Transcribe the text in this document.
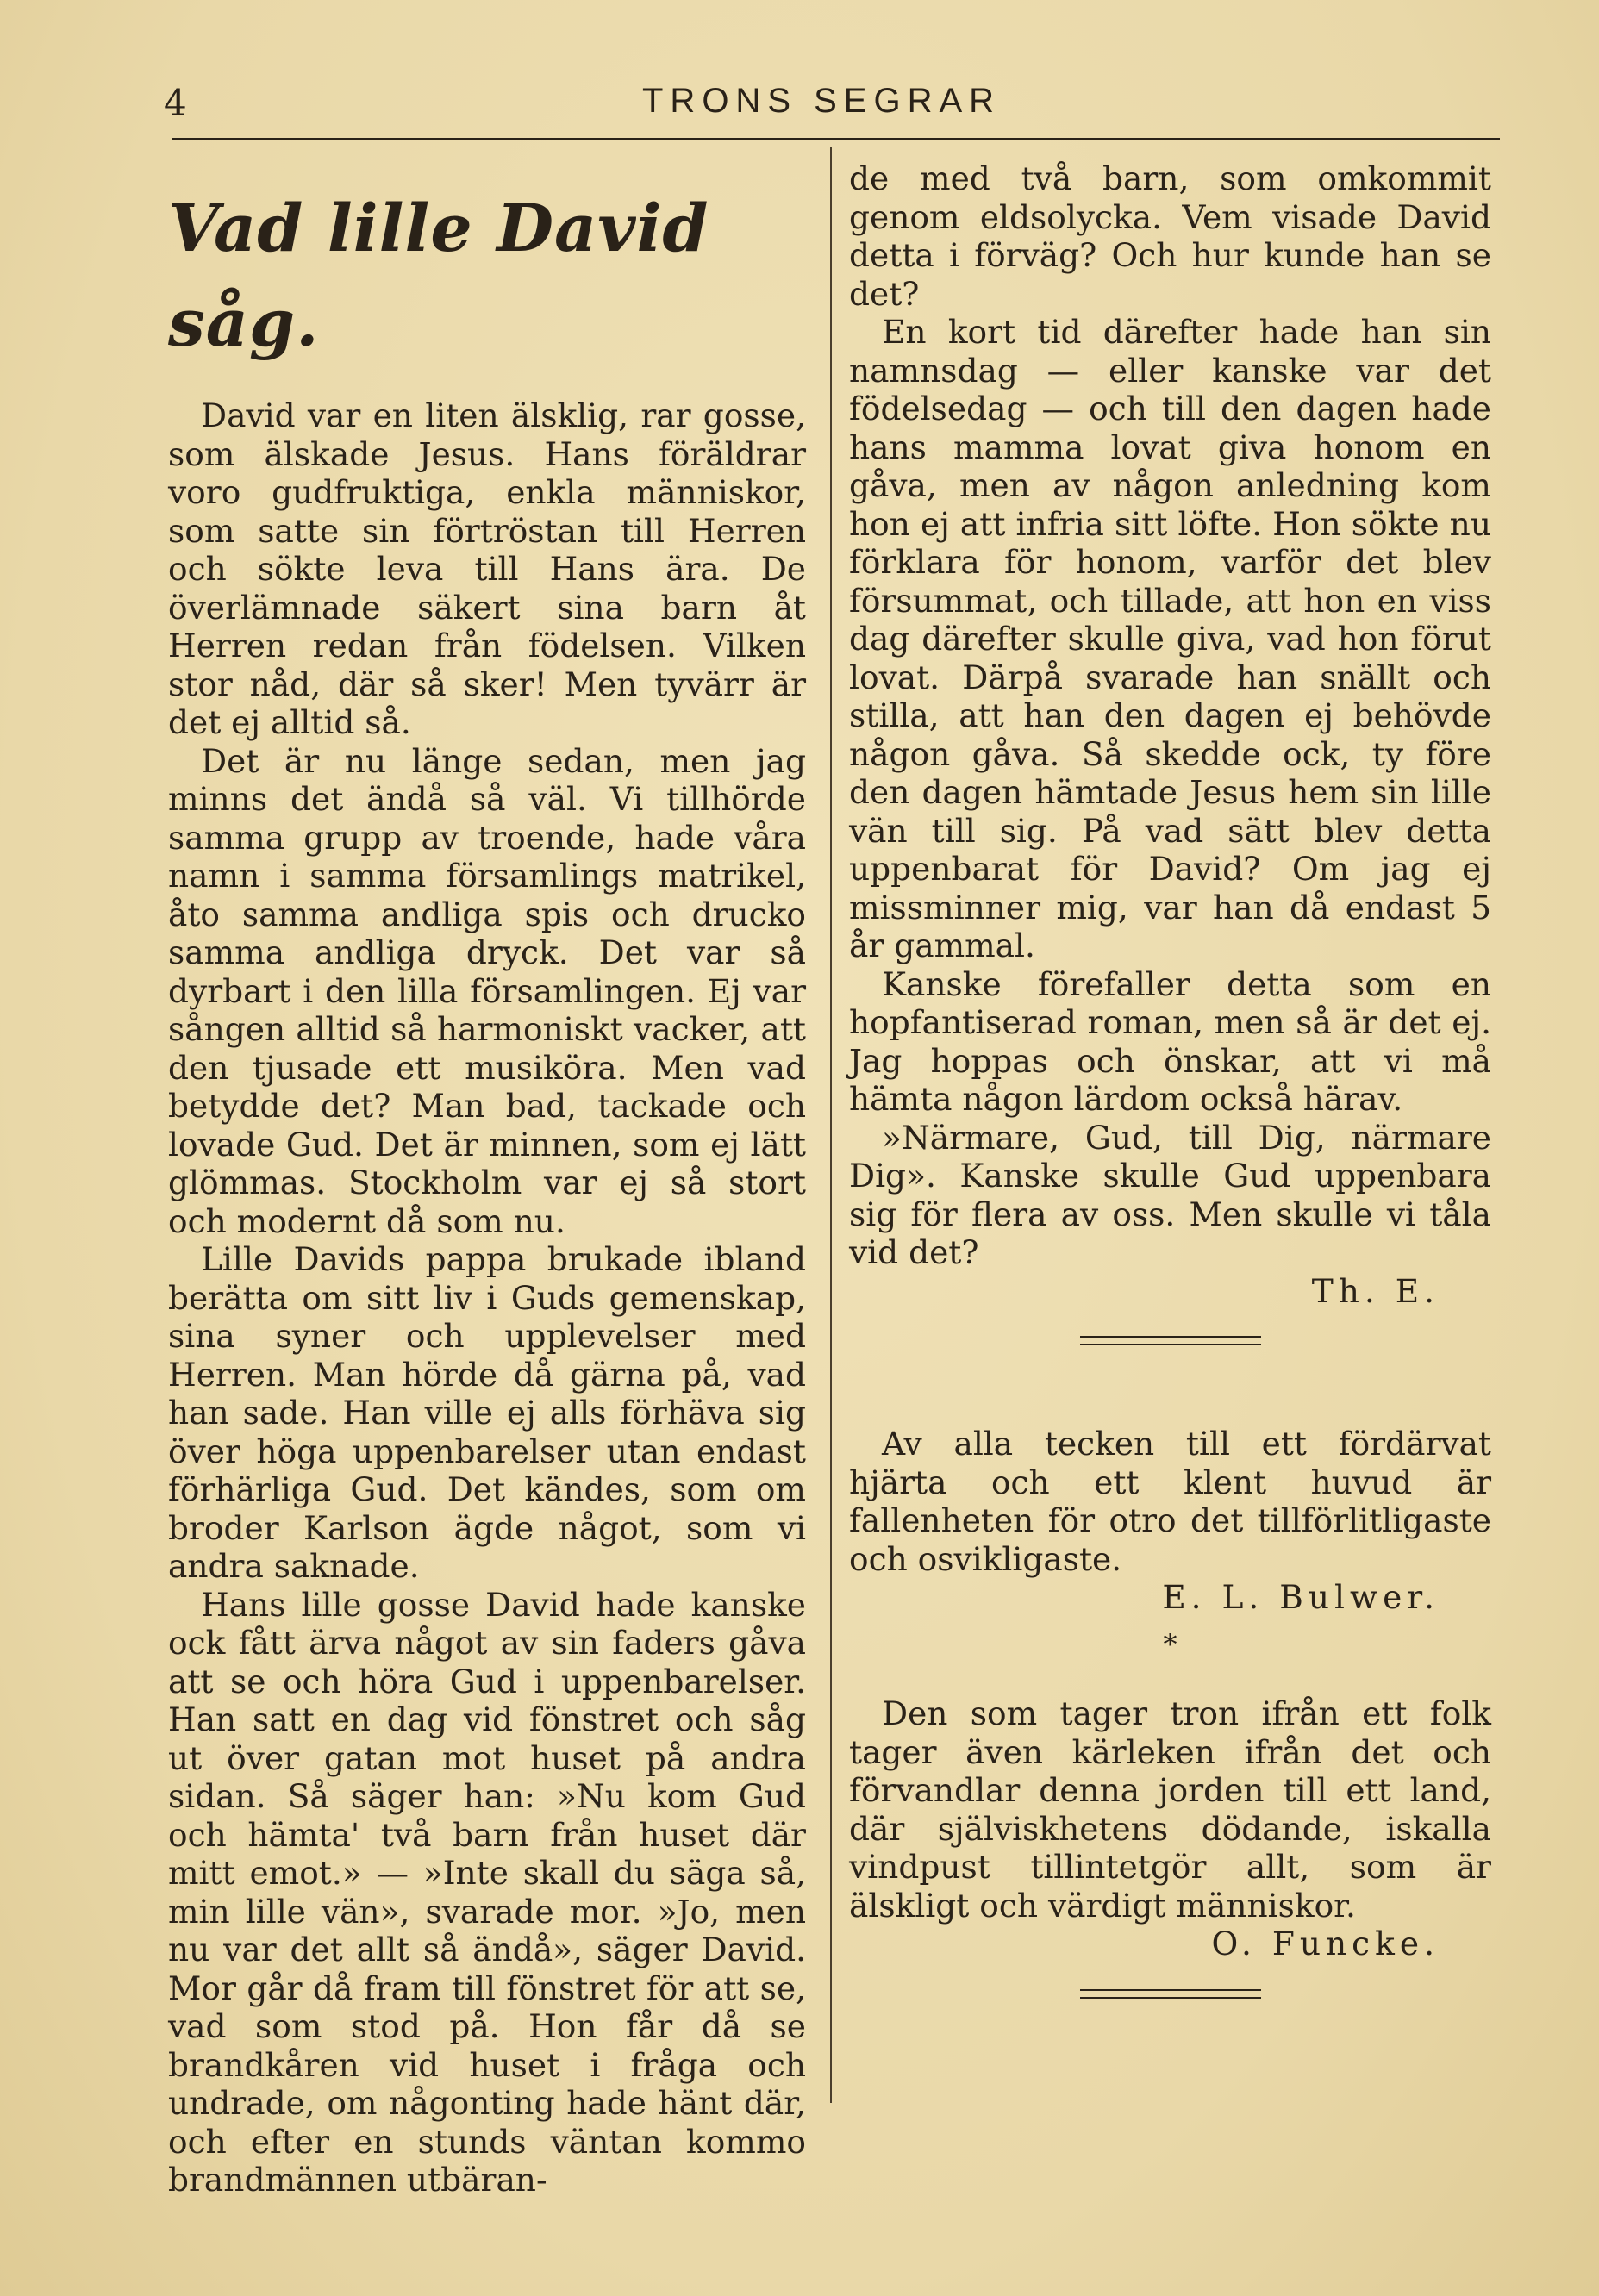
4	TRONS SEGRAR
Vad lille David såg.

David var en liten älsklig, rar gosse, som älskade Jesus. Hans föräldrar voro gudfruktiga, enkla människor, som satte sin förtröstan till Herren och sökte leva till Hans ära. De överlämnade säkert sina barn åt Herren redan från födelsen. Vilken stor nåd, där så sker! Men tyvärr är det ej alltid så.

Det är nu länge sedan, men jag minns det ändå så väl. Vi tillhörde samma grupp av troende, hade våra namn i samma församlings matrikel, åto samma andliga spis och drucko samma andliga dryck. Det var så dyrbart i den lilla församlingen. Ej var sången alltid så harmoniskt vacker, att den tjusade ett musiköra. Men vad betydde det? Man bad, tackade och lovade Gud. Det är minnen, som ej lätt glömmas. Stockholm var ej så stort och modernt då som nu.

Lille Davids pappa brukade ibland berätta om sitt liv i Guds gemenskap, sina syner och upplevelser med Herren. Man hörde då gärna på, vad han sade. Han ville ej alls förhäva sig över höga uppenbarelser utan endast förhärliga Gud. Det kändes, som om broder Karlson ägde något, som vi andra saknade.

Hans lille gosse David hade kanske ock fått ärva något av sin faders gåva att se och höra Gud i uppenbarelser. Han satt en dag vid fönstret och såg ut över gatan mot huset på andra sidan. Så säger han: »Nu kom Gud och hämta' två barn från huset där mitt emot.» — »Inte skall du säga så, min lille vän», svarade mor. »Jo, men nu var det allt så ändå», säger David. Mor går då fram till fönstret för att se, vad som stod på. Hon får då se brandkåren vid huset i fråga och undrade, om någonting hade hänt där, och efter en stunds väntan kommo brandmännen utbäran-

de med två barn, som omkommit genom eldsolycka. Vem visade David detta i förväg? Och hur kunde han se det?

En kort tid därefter hade han sin namnsdag — eller kanske var det födelsedag — och till den dagen hade hans mamma lovat giva honom en gåva, men av någon anledning kom hon ej att infria sitt löfte. Hon sökte nu förklara för honom, varför det blev försummat, och tillade, att hon en viss dag därefter skulle giva, vad hon förut lovat. Därpå svarade han snällt och stilla, att han den dagen ej behövde någon gåva. Så skedde ock, ty före den dagen hämtade Jesus hem sin lille vän till sig. På vad sätt blev detta uppenbarat för David? Om jag ej missminner mig, var han då endast 5 år gammal.

Kanske förefaller detta som en hopfantiserad roman, men så är det ej. Jag hoppas och önskar, att vi må hämta någon lärdom också härav.

»Närmare, Gud, till Dig, närmare Dig». Kanske skulle Gud uppenbara sig för flera av oss. Men skulle vi tåla vid det?

Th. E.

Av alla tecken till ett fördärvat hjärta och ett klent huvud är fallenheten för otro det tillförlitligaste och osvikligaste.

E. L. Bulwer.

*

Den som tager tron ifrån ett folk tager även kärleken ifrån det och förvandlar denna jorden till ett land, där själviskhetens dödande, iskalla vindpust tillintetgör allt, som är älskligt och värdigt människor.

O. Funcke.
